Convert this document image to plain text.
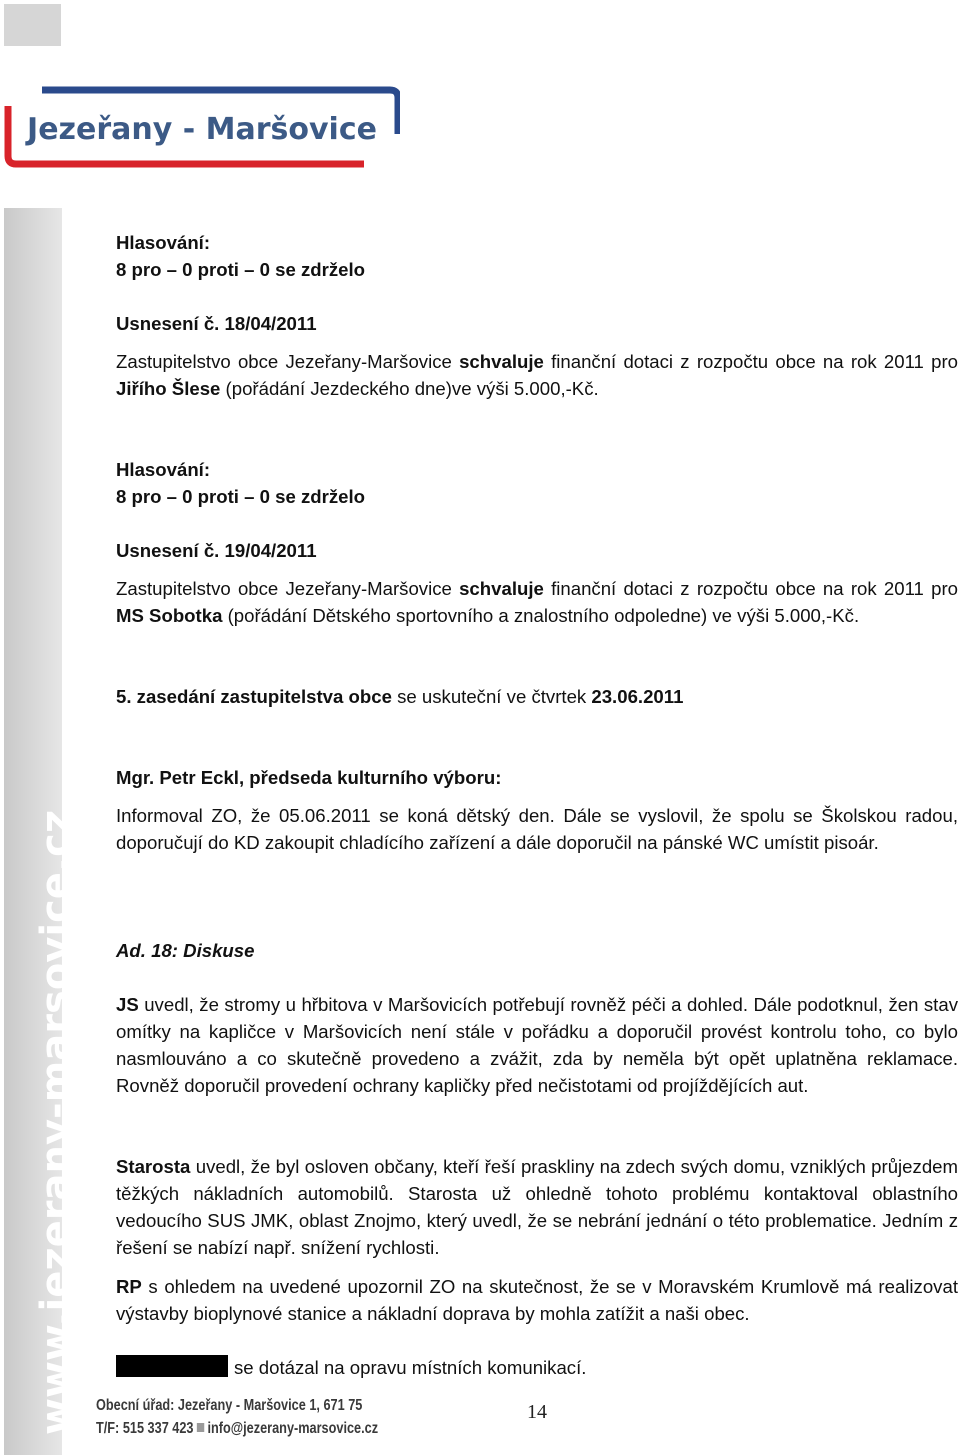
Jezeřany - Maršovice
www.jezerany-marsovice.cz

Hlasování:

8 pro – 0 proti – 0 se zdrželo

Usnesení č. 18/04/2011

Zastupitelstvo obce Jezeřany-Maršovice schvaluje finanční dotaci z rozpočtu obce na rok 2011 pro Jiřího Šlese (pořádání Jezdeckého dne)ve výši 5.000,-Kč.

Hlasování:

8 pro – 0 proti – 0 se zdrželo

Usnesení č. 19/04/2011

Zastupitelstvo obce Jezeřany-Maršovice schvaluje finanční dotaci z rozpočtu obce na rok 2011 pro MS Sobotka (pořádání Dětského sportovního a znalostního odpoledne) ve výši 5.000,-Kč.

5. zasedání zastupitelstva obce se uskuteční ve čtvrtek 23.06.2011

Mgr. Petr Eckl, předseda kulturního výboru:

Informoval ZO, že 05.06.2011 se koná dětský den. Dále se vyslovil, že spolu se Školskou radou, doporučují do KD zakoupit chladícího zařízení a dále doporučil na pánské WC umístit pisoár.

Ad. 18: Diskuse

JS uvedl, že stromy u hřbitova v Maršovicích potřebují rovněž péči a dohled. Dále podotknul, žen stav omítky na kapličce v Maršovicích není stále v pořádku a doporučil provést kontrolu toho, co bylo nasmlouváno a co skutečně provedeno a zvážit, zda by neměla být opět uplatněna reklamace. Rovněž doporučil provedení ochrany kapličky před nečistotami od projíždějících aut.

Starosta uvedl, že byl osloven občany, kteří řeší praskliny na zdech svých domu, vzniklých průjezdem těžkých nákladních automobilů. Starosta už ohledně tohoto problému kontaktoval oblastního vedoucího SUS JMK, oblast Znojmo, který uvedl, že se nebrání jednání o této problematice. Jedním z řešení se nabízí např. snížení rychlosti.

RP s ohledem na uvedené upozornil ZO na skutečnost, že se v Moravském Krumlově má realizovat výstavby bioplynové stanice a nákladní doprava by mohla zatížit a naši obec.

se dotázal na opravu místních komunikací.

Obecní úřad: Jezeřany - Maršovice 1, 671 75
T/F: 515 337 423 info@jezerany-marsovice.cz
14
